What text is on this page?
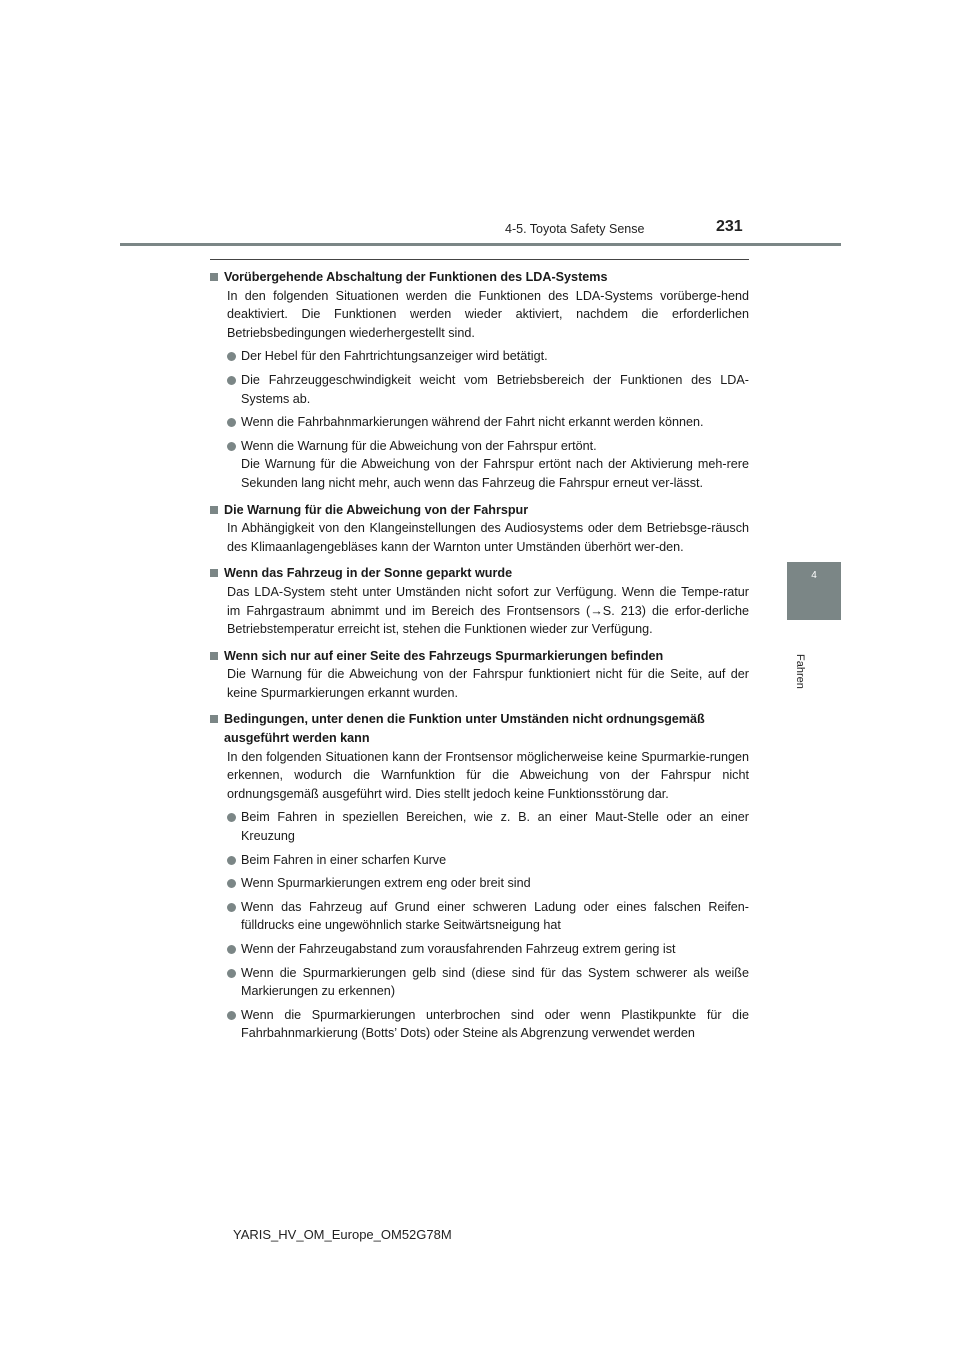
4-5. Toyota Safety Sense	231
4
Fahren
Vorübergehende Abschaltung der Funktionen des LDA-Systems
In den folgenden Situationen werden die Funktionen des LDA-Systems vorüberge-hend deaktiviert. Die Funktionen werden wieder aktiviert, nachdem die erforderlichen Betriebsbedingungen wiederhergestellt sind.
Der Hebel für den Fahrtrichtungsanzeiger wird betätigt.
Die Fahrzeuggeschwindigkeit weicht vom Betriebsbereich der Funktionen des LDA-Systems ab.
Wenn die Fahrbahnmarkierungen während der Fahrt nicht erkannt werden können.
Wenn die Warnung für die Abweichung von der Fahrspur ertönt.
Die Warnung für die Abweichung von der Fahrspur ertönt nach der Aktivierung meh-rere Sekunden lang nicht mehr, auch wenn das Fahrzeug die Fahrspur erneut ver-lässt.
Die Warnung für die Abweichung von der Fahrspur
In Abhängigkeit von den Klangeinstellungen des Audiosystems oder dem Betriebsge-räusch des Klimaanlagengebläses kann der Warnton unter Umständen überhört wer-den.
Wenn das Fahrzeug in der Sonne geparkt wurde
Das LDA-System steht unter Umständen nicht sofort zur Verfügung. Wenn die Tempe-ratur im Fahrgastraum abnimmt und im Bereich des Frontsensors (→S. 213) die erfor-derliche Betriebstemperatur erreicht ist, stehen die Funktionen wieder zur Verfügung.
Wenn sich nur auf einer Seite des Fahrzeugs Spurmarkierungen befinden
Die Warnung für die Abweichung von der Fahrspur funktioniert nicht für die Seite, auf der keine Spurmarkierungen erkannt wurden.
Bedingungen, unter denen die Funktion unter Umständen nicht ordnungsgemäß ausgeführt werden kann
In den folgenden Situationen kann der Frontsensor möglicherweise keine Spurmarkie-rungen erkennen, wodurch die Warnfunktion für die Abweichung von der Fahrspur nicht ordnungsgemäß ausgeführt wird. Dies stellt jedoch keine Funktionsstörung dar.
Beim Fahren in speziellen Bereichen, wie z. B. an einer Maut-Stelle oder an einer Kreuzung
Beim Fahren in einer scharfen Kurve
Wenn Spurmarkierungen extrem eng oder breit sind
Wenn das Fahrzeug auf Grund einer schweren Ladung oder eines falschen Reifen-fülldrucks eine ungewöhnlich starke Seitwärtsneigung hat
Wenn der Fahrzeugabstand zum vorausfahrenden Fahrzeug extrem gering ist
Wenn die Spurmarkierungen gelb sind (diese sind für das System schwerer als weiße Markierungen zu erkennen)
Wenn die Spurmarkierungen unterbrochen sind oder wenn Plastikpunkte für die Fahrbahnmarkierung (Botts’ Dots) oder Steine als Abgrenzung verwendet werden
YARIS_HV_OM_Europe_OM52G78M
